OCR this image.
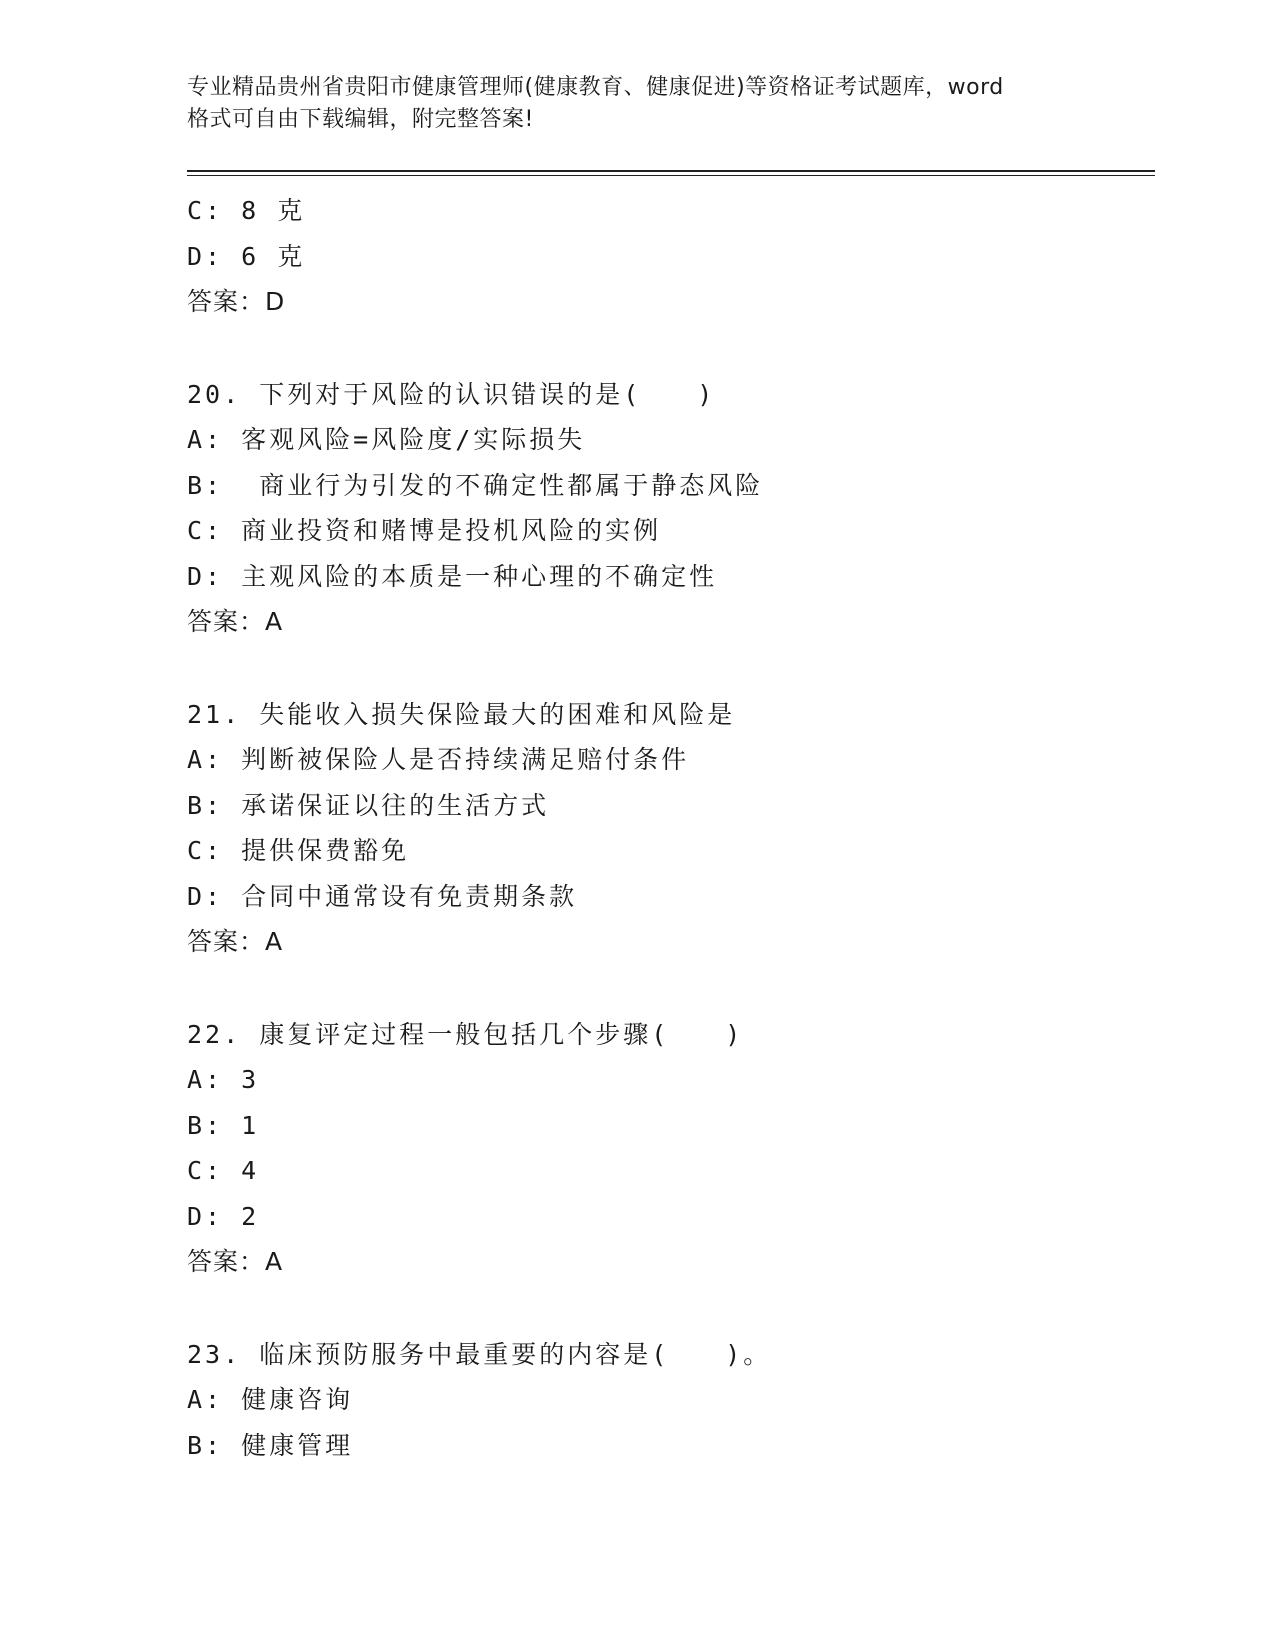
专业精品贵州省贵阳市健康管理师(健康教育、健康促进)等资格证考试题库，word
格式可自由下载编辑，附完整答案!
C: 8 克
D: 6 克
答案：D
20. 下列对于风险的认识错误的是(　　)
A: 客观风险=风险度/实际损失
B:  商业行为引发的不确定性都属于静态风险
C: 商业投资和赌博是投机风险的实例
D: 主观风险的本质是一种心理的不确定性
答案：A
21. 失能收入损失保险最大的困难和风险是
A: 判断被保险人是否持续满足赔付条件
B: 承诺保证以往的生活方式
C: 提供保费豁免
D: 合同中通常设有免责期条款
答案：A
22. 康复评定过程一般包括几个步骤(　　)
A: 3
B: 1
C: 4
D: 2
答案：A
23. 临床预防服务中最重要的内容是(　　)。
A: 健康咨询
B: 健康管理
